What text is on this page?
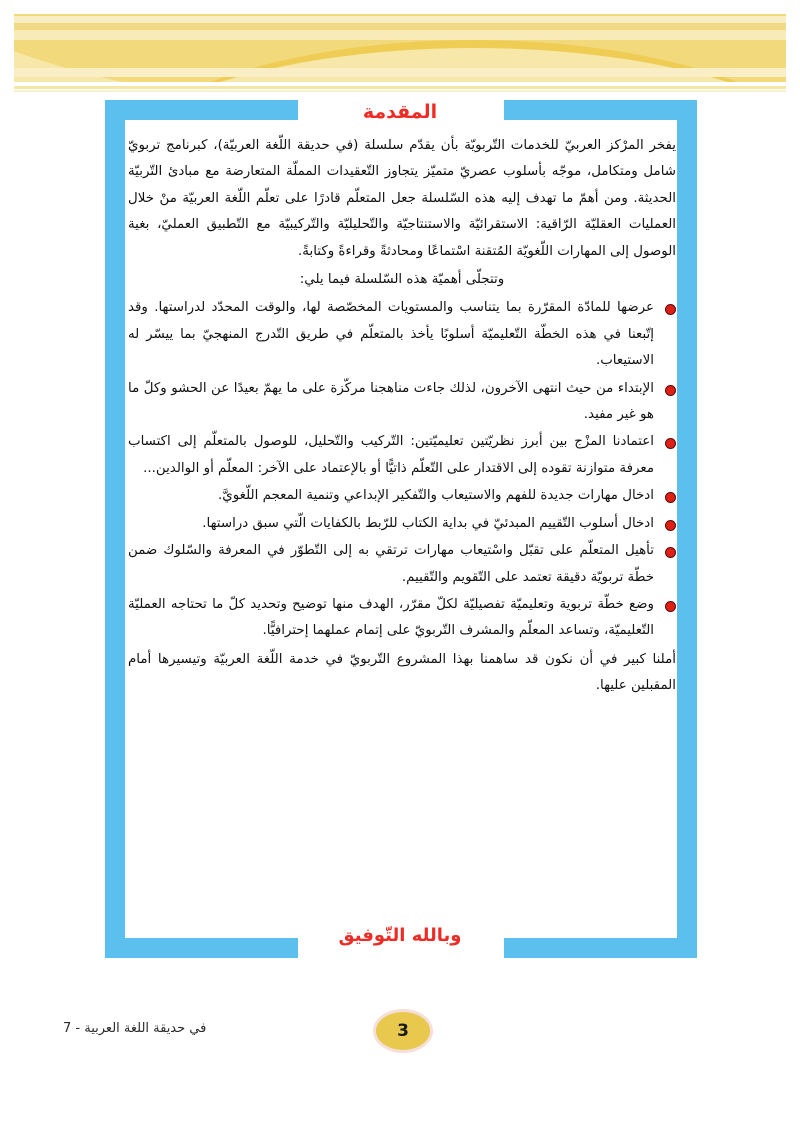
المقدمة
يفخر المرْكز العربيّ للخدمات التّربويّة بأن يقدّم سلسلة (في حديقة اللّغة العربيّة)، كبرنامج تربويّ شامل ومتكامل، موجّه بأسلوب عصريّ متميّز يتجاوز التّعقيدات المملّة المتعارضة مع مبادئ التّربيّة الحديثة. ومن أهمّ ما تهدف إليه هذه السّلسلة جعل المتعلّم قادرًا على تعلّم اللّغة العربيّة منْ خلال العمليات العقليّة الرّاقية: الاستقرائيّة والاستنتاجيّة والتّحليليّة والتّركيبيّة مع التّطبيق العمليّ، بغية الوصول إلى المهارات اللّغويّة المُتقنة اسْتماعًا ومحادثةً وقراءةً وكتابةً.
وتتجلّى أهميّة هذه السّلسلة فيما يلي:
عرضها للمادّة المقرّرة بما يتناسب والمستويات المخصّصة لها، والوقت المحدّد لدراستها. وقد إتّبعنا في هذه الخطّة التّعليميّة أسلوبًا يأخذ بالمتعلّم في طريق التّدرج المنهجيّ بما ييسّر له الاستيعاب.
الإبتداء من حيث انتهى الآخرون، لذلك جاءت مناهجنا مركّزة على ما يهمّ بعيدًا عن الحشو وكلّ ما هو غير مفيد.
اعتمادنا المزْج بين أبرز نظريّتين تعليميّتين: التّركيب والتّحليل، للوصول بالمتعلّم إلى اكتساب معرفة متوازنة تقوده إلى الاقتدار على التّعلّم ذاتيًّا أو بالإعتماد على الآخر: المعلّم أو الوالدين...
ادخال مهارات جديدة للفهم والاستيعاب والتّفكير الإبداعي وتنمية المعجم اللّغويَّ.
ادخال أسلوب التّقييم المبدئيّ في بداية الكتاب للرّبط بالكفايات الّتي سبق دراستها.
تأهيل المتعلّم على تقبّل واسْتيعاب مهارات ترتقي به إلى التّطوّر في المعرفة والسّلوك ضمن خطّة تربويّة دقيقة تعتمد على التّقويم والتّقييم.
وضع خطّة تربوية وتعليميّة تفصيليّة لكلّ مقرّر، الهدف منها توضيح وتحديد كلّ ما تحتاجه العمليّة التّعليميّة، وتساعد المعلّم والمشرف التّربويّ على إتمام عملهما إحترافيًّا.
أملنا كبير في أن نكون قد ساهمنا بهذا المشروع التّربويّ في خدمة اللّغة العربيّة وتيسيرها أمام المقبلين عليها.
وبالله التّوفيق
في حديقة اللغة العربية - 7	3
